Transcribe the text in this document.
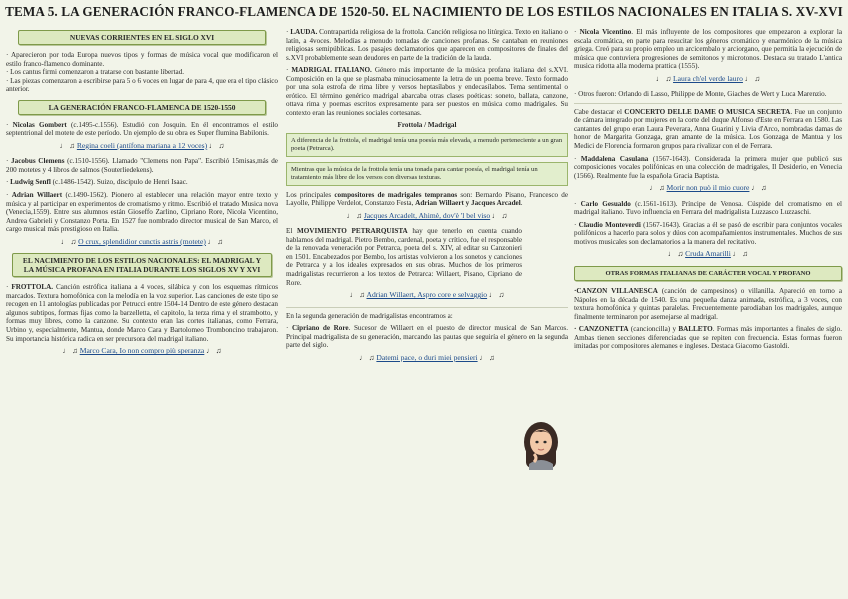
TEMA 5. LA GENERACIÓN FRANCO-FLAMENCA DE 1520-50. EL NACIMIENTO DE LOS ESTILOS NACIONALES EN ITALIA S. XV-XVI
NUEVAS CORRIENTES EN EL SIGLO XVI

· Aparecieron por toda Europa nuevos tipos y formas de música vocal que modificaron el estilo franco-flamenco dominante.

· Los cantus firmi comenzaron a tratarse con bastante libertad.

· Las piezas comenzaron a escribirse para 5 o 6 voces en lugar de para 4, que era el tipo clásico anterior.

LA GENERACIÓN FRANCO-FLAMENCA DE 1520-1550

· Nicolas Gombert (c.1495-c.1556). Estudió con Josquin. En él encontramos el estilo septentrional del motete de este período. Un ejemplo de su obra es Super flumina Babilonis.

♩ ♫ Regina coeli (antífona mariana a 12 voces) ♩ ♫

· Jacobus Clemens (c.1510-1556). Llamado "Clemens non Papa". Escribió 15misas,más de 200 motetes y 4 libros de salmos (Souterliedekens).

· Ludwig Senfl (c.1486-1542). Suizo, discípulo de Henri Isaac.

· Adrian Willaert (c.1490-1562). Pionero al establecer una relación mayor entre texto y música y al participar en experimentos de cromatismo y ritmo. Escribió el tratado Musica nova (Venecia,1559). Entre sus alumnos están Gioseffo Zarlino, Cipriano Rore, Nicola Vicentino, Andrea Gabrieli y Constanzo Porta. En 1527 fue nombrado director musical de San Marco, el cargo musical más prestigioso en Italia.

♩ ♫ O crux, splendidior cunctis astris (motete) ♩ ♫
EL NACIMIENTO DE LOS ESTILOS NACIONALES: EL MADRIGAL Y LA MÚSICA PROFANA EN ITALIA DURANTE LOS SIGLOS XV Y XVI

· FROTTOLA. Canción estrófica italiana a 4 voces, silábica y con los esquemas rítmicos marcados. Textura homofónica con la melodía en la voz superior. Las canciones de este tipo se recogen en 11 antologías publicadas por Petrucci entre 1504-14 Dentro de este género destacan algunos subtipos, formas fijas como la barzelletta, el capitolo, la terza rima y el strambotto, y formas muy libres, como la canzone. Su contexto eran las cortes italianas, como Ferrara, Urbino y, especialmente, Mantua, donde Marco Cara y Bartolomeo Tromboncino trabajaron. Su importancia histórica radica en ser precursora del madrigal italiano.

♩ ♫ Marco Cara, Io non compro più speranza ♩ ♫

· LAUDA. Contrapartida religiosa de la frottola. Canción religiosa no litúrgica. Texto en italiano o latín, a 4voces. Melodías a menudo tomadas de canciones profanas. Se cantaban en reuniones religiosas semipúblicas. Los pasajes declamatorios que aparecen en compositores de finales del s.XVI probablemente sean deudores en parte de la tradición de la lauda.

· MADRIGAL ITALIANO. Género más importante de la música profana italiana del s.XVI. Composición en la que se plasmaba minuciosamente la letra de un poema breve. Texto formado por una sola estrofa de rima libre y versos heptasílabos y endecasílabos. Tema sentimental o erótico. El término genérico madrigal abarcaba otras clases poéticas: soneto, ballata, canzone, ottava rima y poemas escritos expresamente para ser puestos en música como madrigales. Su contexto eran las reuniones sociales cortesanas.

Frottola / Madrigal
A diferencia de la frottola, el madrigal tenía una poesía más elevada, a menudo perteneciente a un gran poeta (Petrarca).
Mientras que la música de la frottola tenía una tonada para cantar poesía, el madrigal tenía un tratamiento más libre de los versos con diversas texturas.

Los principales compositores de madrigales tempranos son: Bernardo Pisano, Francesco de Layolle, Philippe Verdelot, Constanzo Festa, Adrian Willaert y Jacques Arcadel.

♩ ♫ Jacques Arcadelt, Ahimè, dov'è 'l bel viso ♩ ♫

El MOVIMIENTO PETRARQUISTA hay que tenerlo en cuenta cuando hablamos del madrigal. Pietro Bembo, cardenal, poeta y crítico, fue el responsable de la renovada veneración por Petrarca, poeta del s. XIV, al editar su Canzonieri en 1501. Encabezados por Bembo, los artistas volvieron a los sonetos y canciones de Petrarca y a los ideales expresados en sus obras. Muchos de los primeros madrigalistas recurrieron a los textos de Petrarca: Willaert, Pisano, Cipriano de Rore.

♩ ♫ Adrian Willaert, Aspro core e selvaggio ♩ ♫

En la segunda generación de madrigalistas encontramos a:

· Cipriano de Rore. Sucesor de Willaert en el puesto de director musical de San Marcos. Principal madrigalista de su generación, marcando las pautas que seguiría el género en la segunda parte del siglo.

♩ ♫ Datemi pace, o duri miei pensieri ♩ ♫

· Nicola Vicentino. El más influyente de los compositores que empezaron a explorar la escala cromática, en parte para resucitar los géneros cromático y enarmónico de la música griega. Creó para su propio empleo un arcicembalo y arciorgano, que permitía la ejecución de música que contuviera progresiones de semitonos y microtonos. Destaca su tratado L'antica musica ridotta alla moderna prattica (1555).

♩ ♫ Laura ch'el verde lauro ♩ ♫

· Otros fueron: Orlando di Lasso, Philippe de Monte, Giaches de Wert y Luca Marenzio.

Cabe destacar el CONCERTO DELLE DAME O MUSICA SECRETA. Fue un conjunto de cámara integrado por mujeres en la corte del duque Alfonso d'Este en Ferrara en 1580. Las cantantes del grupo eran Laura Peverara, Anna Guarini y Livia d'Arco, nombradas damas de honor de Margarita Gonzaga, gran amante de la música. Los Gonzaga de Mantua y los Medici de Florencia formaron grupos para rivalizar con el de Ferrara.

· Maddalena Casulana (1567-1643). Considerada la primera mujer que publicó sus composiciones vocales polifónicas en una colección de madrigales, Il Desiderio, en Venecia (1566). Realmente fue la española Gracia Baptista.

♩ ♫ Morir non può il mio cuore ♩ ♫

· Carlo Gesualdo (c.1561-1613). Príncipe de Venosa. Cúspide del cromatismo en el madrigal italiano. Tuvo influencia en Ferrara del madrigalista Luzzasco Luzzaschi.

· Claudio Monteverdi (1567-1643). Gracias a él se pasó de escribir para conjuntos vocales polifónicos a hacerlo para solos y dúos con acompañamientos instrumentales. Muchos de sus motivos musicales son declamatorios a la manera del recitativo.

♩ ♫ Cruda Amarilli ♩ ♫
OTRAS FORMAS ITALIANAS DE CARÁCTER VOCAL Y PROFANO

·CANZON VILLANESCA (canción de campesinos) o villanilla. Apareció en torno a Nápoles en la década de 1540. Es una pequeña danza animada, estrófica, a 3 voces, con textura homofónica y quintas paralelas. Frecuentemente parodiaban los madrigales, aunque finalmente terminaron por asemejarse al madrigal.

· CANZONETTA (cancioncilla) y BALLETO. Formas más importantes a finales de siglo. Ambas tienen secciones diferenciadas que se repiten con frecuencia. Estas formas fueron imitadas por compositores alemanes e ingleses. Destaca Giacomo Gastoldi.
